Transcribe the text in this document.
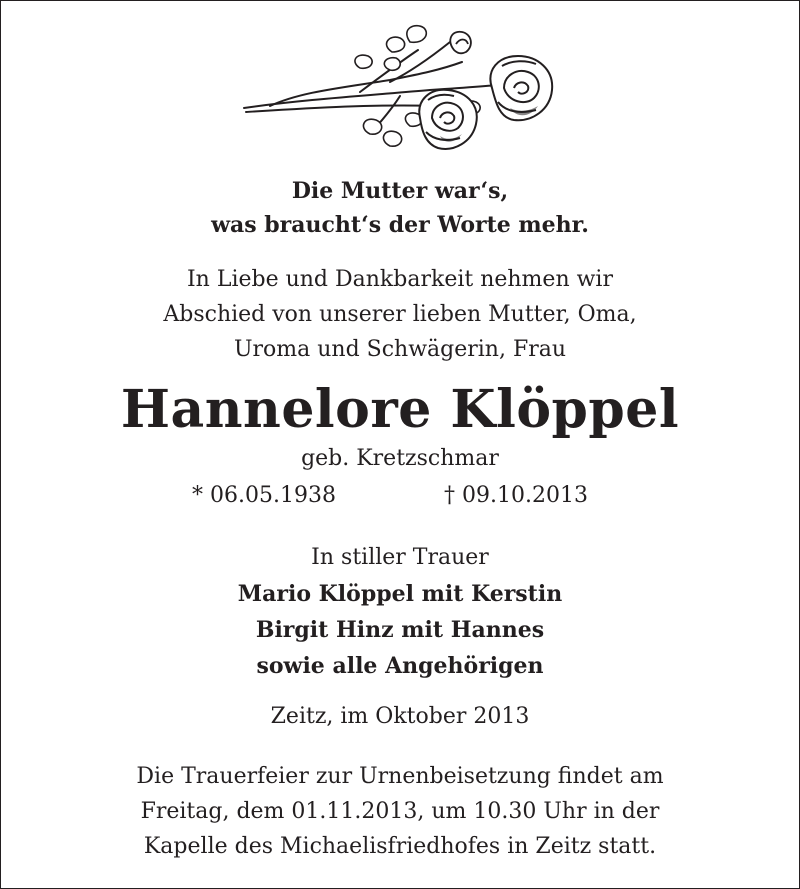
Die Mutter war‘s,
was braucht‘s der Worte mehr.
In Liebe und Dankbarkeit nehmen wir
Abschied von unserer lieben Mutter, Oma,
Uroma und Schwägerin, Frau
Hannelore Klöppel
geb. Kretzschmar
* 06.05.1938	† 09.10.2013
In stiller Trauer
Mario Klöppel mit Kerstin
Birgit Hinz mit Hannes
sowie alle Angehörigen
Zeitz, im Oktober 2013
Die Trauerfeier zur Urnenbeisetzung findet am
Freitag, dem 01.11.2013, um 10.30 Uhr in der
Kapelle des Michaelisfriedhofes in Zeitz statt.
